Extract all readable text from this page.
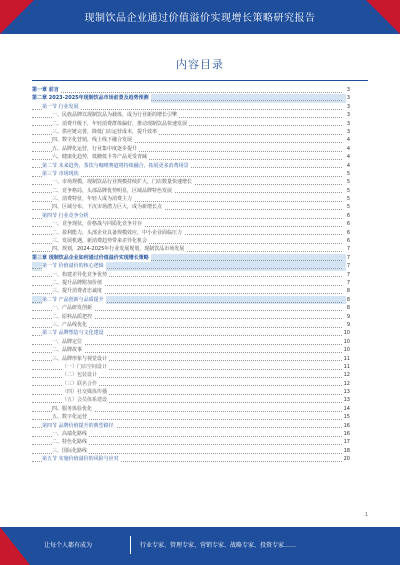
现制饮品企业通过价值溢价实现增长策略研究报告
内容目录
第一章 前言	3
第二章 2023-2025年现制饮品市场前景及趋势预测	3
第一节 行业发展	3
一、民族品牌以现制饮品为载体，成为行业新的增长引擎	3
二、消费升级下，年轻消费群体偏好，推动现制饮品快速发展	3
三、供应链完善，降低门店运营成本，提升效率	3
四、数字化营销，线上线下融合发展	4
五、品牌化运营，行业集中度逐步提升	4
六、健康化趋势，低糖低卡等产品更受青睐	4
第二节 未来趋势，茶饮与咖啡赛道将持续融合，拓展更多消费场景	4
第三节 市场现状	5
一、市场规模，现制饮品行业规模持续扩大，门店数量快速增长	5
二、竞争格局，头部品牌优势明显，区域品牌特色发展	5
三、消费特征，年轻人成为消费主力	5
四、区域分布，下沉市场潜力巨大，成为新增长点	5
第四节 行业竞争分析	6
一、竞争现状，价格战与同质化竞争并存	6
二、盈利能力，头部企业具备规模效应，中小企业面临压力	6
三、发展机遇，新消费趋势带来差异化机会	6
四、规划，2024-2025年行业发展规划，现制饮品市场发展	7
第三章 现制饮品企业如何通过价值溢价实现增长策略	7
第一节 价值溢价的核心逻辑	7
一、构建差异化竞争优势	7
二、提升品牌附加价值	7
三、提升消费者忠诚度	8
第二节 产品创新与品质提升	8
一、产品研发创新	8
二、原料品质把控	9
三、产品线优化	9
第三节 品牌塑造与文化建设	10
一、品牌定位	10
二、品牌故事	10
三、品牌形象与视觉设计	11
（一）门店空间设计	11
（二）包装设计	12
（三）联名合作	12
（四）社交媒体传播	13
（五）会员体系建设	13
四、服务体验优化	14
五、数字化运营	15
第四节 品牌价值提升的典型路径	16
一、高端化路线	16
二、特色化路线	17
三、国际化路线	18
第五节 实施价值溢价的风险与应对	20
1
让每个人都有成为	行业专家、管理专家、营销专家、战略专家、投资专家……
